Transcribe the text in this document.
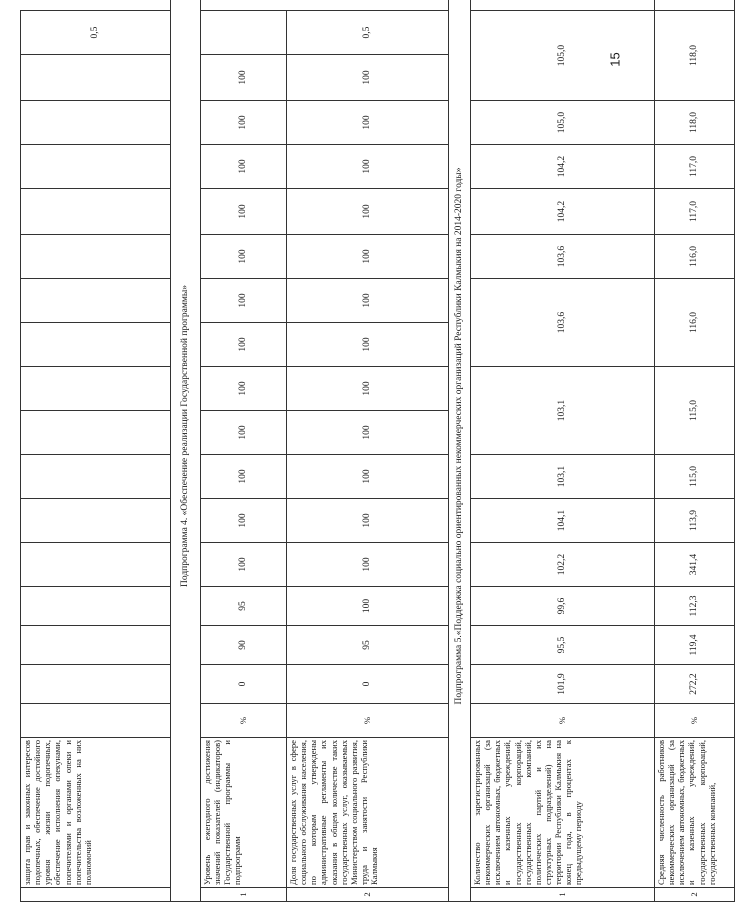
15
	защита прав и законных интересов подопечных, обеспечение достойного уровня жизни подопечных, обеспечение исполнения опекунами, попечителями и органами опеки и попечительства возложенных на них полномочий																	0,5	
Подпрограмма 4. «Обеспечение реализации Государственной программы»																			
1	Уровень ежегодного достижения значений показателей (индикаторов) Государственной программы и подпрограмм	%	0	90	95	100	100	100	100	100	100	100	100	100	100	100	100		
2	Доля государственных услуг в сфере социального обслуживания населения, по которым утверждены административные регламенты их оказания в общем количестве таких государственных услуг, оказываемых Министерством социального развития, труда и занятости Республики Калмыкия	%	0	95	100	100	100	100	100	100	100	100	100	100	100	100	100	0,5	
Подпрограмма 5.«Поддержка социально ориентированных некоммерческих организаций Республики Калмыкия на 2014-2020 годы»																			
1	Количество зарегистрированных некоммерческих организаций (за исключением автономных, бюджетных и казенных учреждений, государственных корпораций, государственных компаний, политических партий и их структурных подразделений) на территории Республики Калмыкия на конец года, в процентах к предыдущему периоду	%	101,9	95,5	99,6	102,2	104,1	103,1	103,1		103,6		103,6	104,2	104,2	105,0	105,0	
2	Средняя численность работников некоммерческих организаций (за исключением автономных, бюджетных и казенных учреждений, государственных корпораций, государственных компаний,	%	272,2	119,4	112,3	341,4	113,9	115,0	115,0		116,0		116,0	117,0	117,0	118,0	118,0	
